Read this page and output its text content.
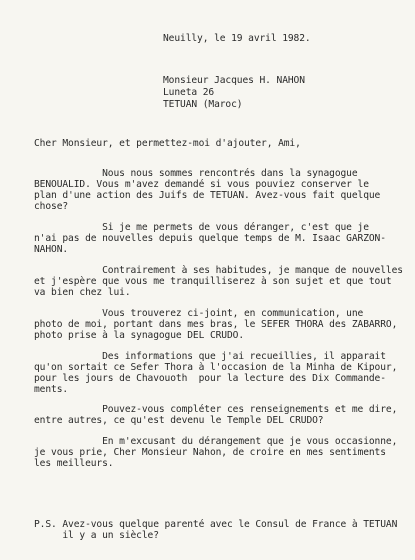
Neuilly, le 19 avril 1982.
Monsieur Jacques H. NAHON
Luneta 26
TETUAN (Maroc)
Cher Monsieur, et permettez-moi d'ajouter, Ami,
Nous nous sommes rencontrés dans la synagogue
BENOUALID. Vous m'avez demandé si vous pouviez conserver le
plan d'une action des Juifs de TETUAN. Avez-vous fait quelque
chose?
Si je me permets de vous déranger, c'est que je
n'ai pas de nouvelles depuis quelque temps de M. Isaac GARZON-
NAHON.
Contrairement à ses habitudes, je manque de nouvelles
et j'espère que vous me tranquilliserez à son sujet et que tout
va bien chez lui.
Vous trouverez ci-joint, en communication, une
photo de moi, portant dans mes bras, le SEFER THORA des ZABARRO,
photo prise à la synagogue DEL CRUDO.
Des informations que j'ai recueillies, il apparait
qu'on sortait ce Sefer Thora à l'occasion de la Minha de Kipour,
pour les jours de Chavouoth  pour la lecture des Dix Commande-
ments.
Pouvez-vous compléter ces renseignements et me dire,
entre autres, ce qu'est devenu le Temple DEL CRUDO?
En m'excusant du dérangement que je vous occasionne,
je vous prie, Cher Monsieur Nahon, de croire en mes sentiments
les meilleurs.
P.S. Avez-vous quelque parenté avec le Consul de France à TETUAN
il y a un siècle?
